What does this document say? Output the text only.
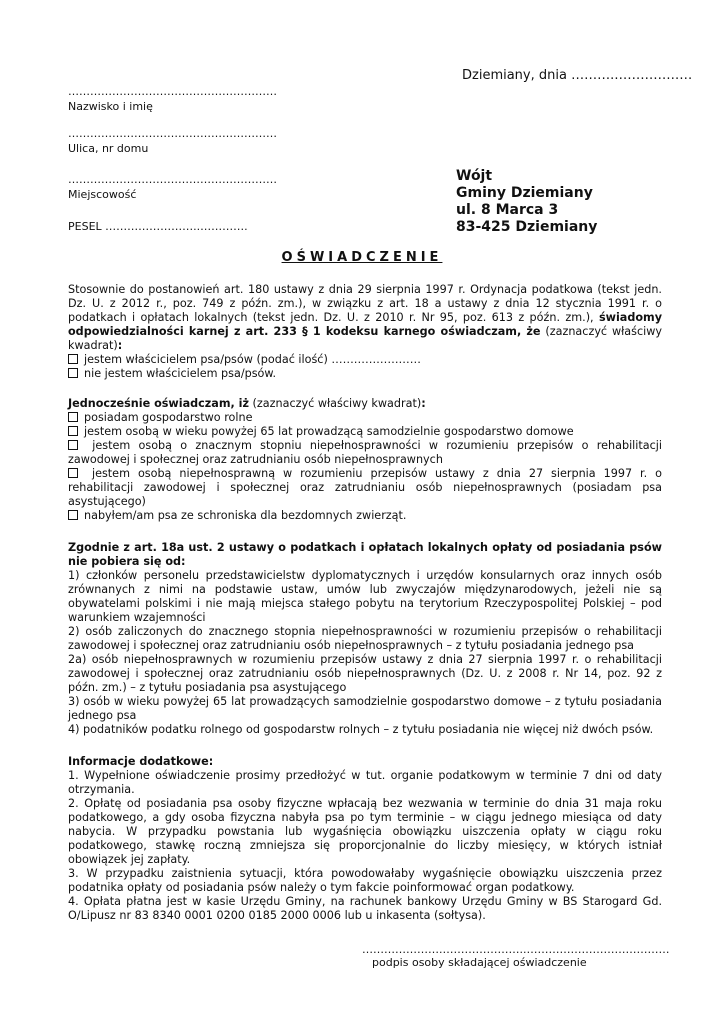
Dziemiany, dnia ……….………………
…………………………………………………
Nazwisko i imię
…………………………………………………
Ulica, nr domu
…………………………………………………
Miejscowość
PESEL ……………………..………….
Wójt
Gminy Dziemiany
ul. 8 Marca 3
83-425 Dziemiany
OŚWIADCZENIE

Stosownie do postanowień art. 180 ustawy z dnia 29 sierpnia 1997 r. Ordynacja podatkowa (tekst jedn. Dz. U. z 2012 r., poz. 749 z późn. zm.), w związku z art. 18 a ustawy z dnia 12 stycznia 1991 r. o podatkach i opłatach lokalnych (tekst jedn. Dz. U. z 2010 r. Nr 95, poz. 613 z późn. zm.), świadomy odpowiedzialności karnej z art. 233 § 1 kodeksu karnego oświadczam, że (zaznaczyć właściwy kwadrat):

jestem właścicielem psa/psów (podać ilość) ……………………

nie jestem właścicielem psa/psów.

Jednocześnie oświadczam, iż (zaznaczyć właściwy kwadrat):

posiadam gospodarstwo rolne

jestem osobą w wieku powyżej 65 lat prowadzącą samodzielnie gospodarstwo domowe

jestem osobą o znacznym stopniu niepełnosprawności w rozumieniu przepisów o rehabilitacji zawodowej i społecznej oraz zatrudnianiu osób niepełnosprawnych

jestem osobą niepełnosprawną w rozumieniu przepisów ustawy z dnia 27 sierpnia 1997 r. o rehabilitacji zawodowej i społecznej oraz zatrudnianiu osób niepełnosprawnych (posiadam psa asystującego)

nabyłem/am psa ze schroniska dla bezdomnych zwierząt.

Zgodnie z art. 18a ust. 2 ustawy o podatkach i opłatach lokalnych opłaty od posiadania psów nie pobiera się od:

1) członków personelu przedstawicielstw dyplomatycznych i urzędów konsularnych oraz innych osób zrównanych z nimi na podstawie ustaw, umów lub zwyczajów międzynarodowych, jeżeli nie są obywatelami polskimi i nie mają miejsca stałego pobytu na terytorium Rzeczypospolitej Polskiej – pod warunkiem wzajemności

2) osób zaliczonych do znacznego stopnia niepełnosprawności w rozumieniu przepisów o rehabilitacji zawodowej i społecznej oraz zatrudnianiu osób niepełnosprawnych – z tytułu posiadania jednego psa

2a) osób niepełnosprawnych w rozumieniu przepisów ustawy z dnia 27 sierpnia 1997 r. o rehabilitacji zawodowej i społecznej oraz zatrudnianiu osób niepełnosprawnych (Dz. U. z 2008 r. Nr 14, poz. 92 z późn. zm.) – z tytułu posiadania psa asystującego

3) osób w wieku powyżej 65 lat prowadzących samodzielnie gospodarstwo domowe – z tytułu posiadania jednego psa

4) podatników podatku rolnego od gospodarstw rolnych – z tytułu posiadania nie więcej niż dwóch psów.

Informacje dodatkowe:

1. Wypełnione oświadczenie prosimy przedłożyć w tut. organie podatkowym w terminie 7 dni od daty otrzymania.

2. Opłatę od posiadania psa osoby fizyczne wpłacają bez wezwania w terminie do dnia 31 maja roku podatkowego, a gdy osoba fizyczna nabyła psa po tym terminie – w ciągu jednego miesiąca od daty nabycia. W przypadku powstania lub wygaśnięcia obowiązku uiszczenia opłaty w ciągu roku podatkowego, stawkę roczną zmniejsza się proporcjonalnie do liczby miesięcy, w których istniał obowiązek jej zapłaty.

3. W przypadku zaistnienia sytuacji, która powodowałaby wygaśnięcie obowiązku uiszczenia przez podatnika opłaty od posiadania psów należy o tym fakcie poinformować organ podatkowy.

4. Opłata płatna jest w kasie Urzędu Gminy, na rachunek bankowy Urzędu Gminy w BS Starogard Gd. O/Lipusz nr 83 8340 0001 0200 0185 2000 0006 lub u inkasenta (sołtysa).

………………….…………………..…………………………………
podpis osoby składającej oświadczenie
